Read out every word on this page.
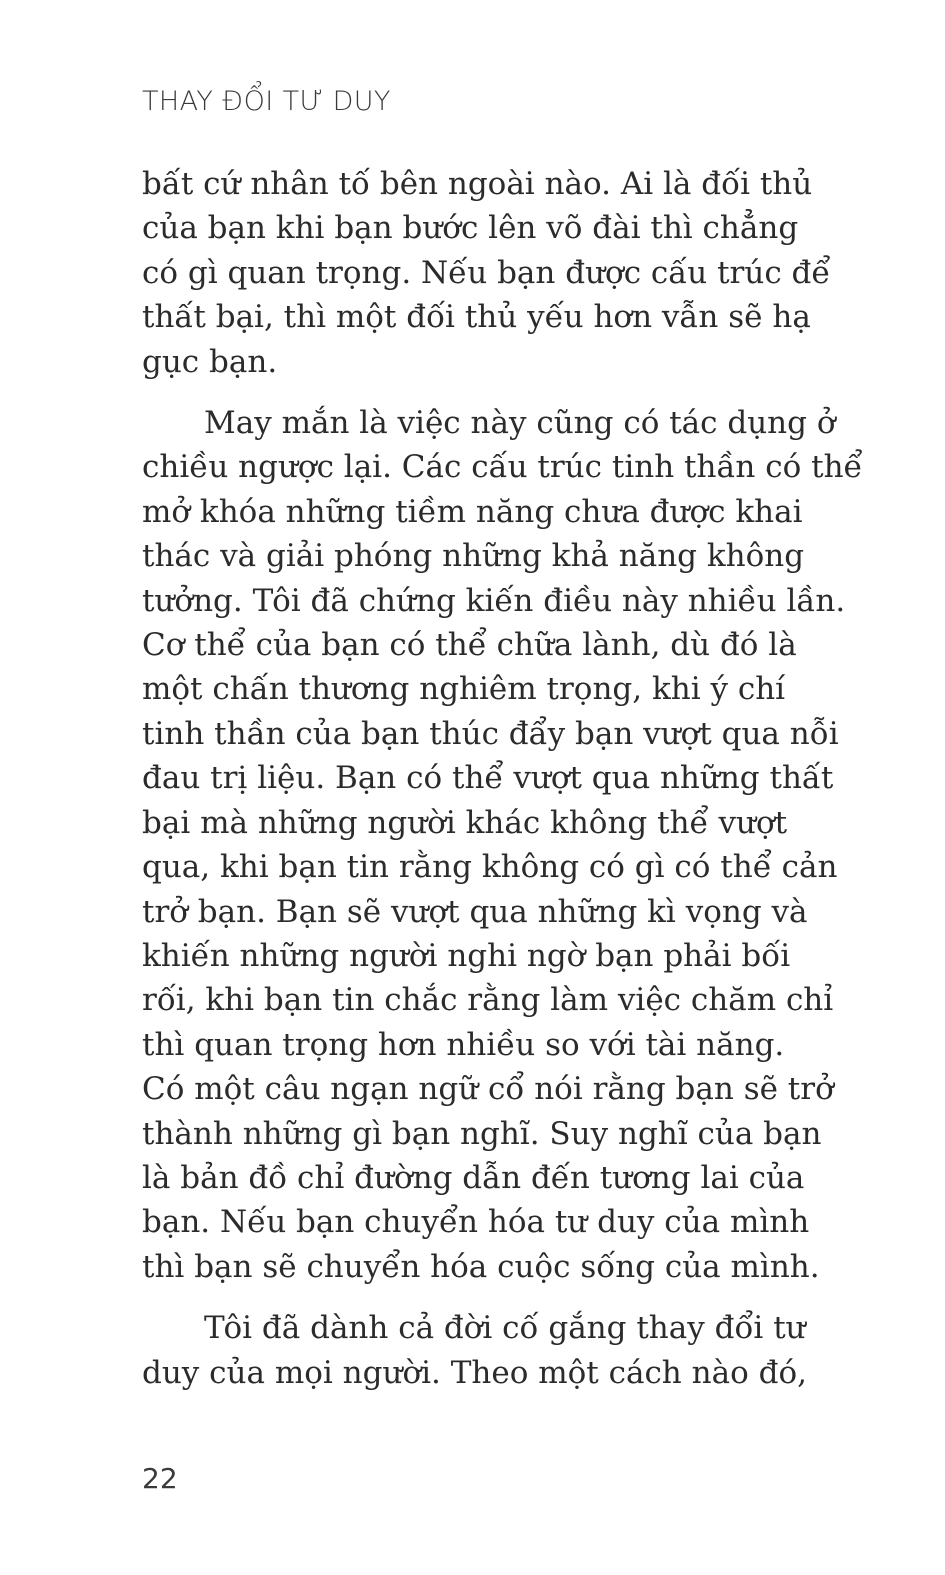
THAY ĐỔI TƯ DUY
bất cứ nhân tố bên ngoài nào. Ai là đối thủ
của bạn khi bạn bước lên võ đài thì chẳng
có gì quan trọng. Nếu bạn được cấu trúc để
thất bại, thì một đối thủ yếu hơn vẫn sẽ hạ
gục bạn.
May mắn là việc này cũng có tác dụng ở
chiều ngược lại. Các cấu trúc tinh thần có thể
mở khóa những tiềm năng chưa được khai
thác và giải phóng những khả năng không
tưởng. Tôi đã chứng kiến điều này nhiều lần.
Cơ thể của bạn có thể chữa lành, dù đó là
một chấn thương nghiêm trọng, khi ý chí
tinh thần của bạn thúc đẩy bạn vượt qua nỗi
đau trị liệu. Bạn có thể vượt qua những thất
bại mà những người khác không thể vượt
qua, khi bạn tin rằng không có gì có thể cản
trở bạn. Bạn sẽ vượt qua những kì vọng và
khiến những người nghi ngờ bạn phải bối
rối, khi bạn tin chắc rằng làm việc chăm chỉ
thì quan trọng hơn nhiều so với tài năng.
Có một câu ngạn ngữ cổ nói rằng bạn sẽ trở
thành những gì bạn nghĩ. Suy nghĩ của bạn
là bản đồ chỉ đường dẫn đến tương lai của
bạn. Nếu bạn chuyển hóa tư duy của mình
thì bạn sẽ chuyển hóa cuộc sống của mình.
Tôi đã dành cả đời cố gắng thay đổi tư
duy của mọi người. Theo một cách nào đó,
22
